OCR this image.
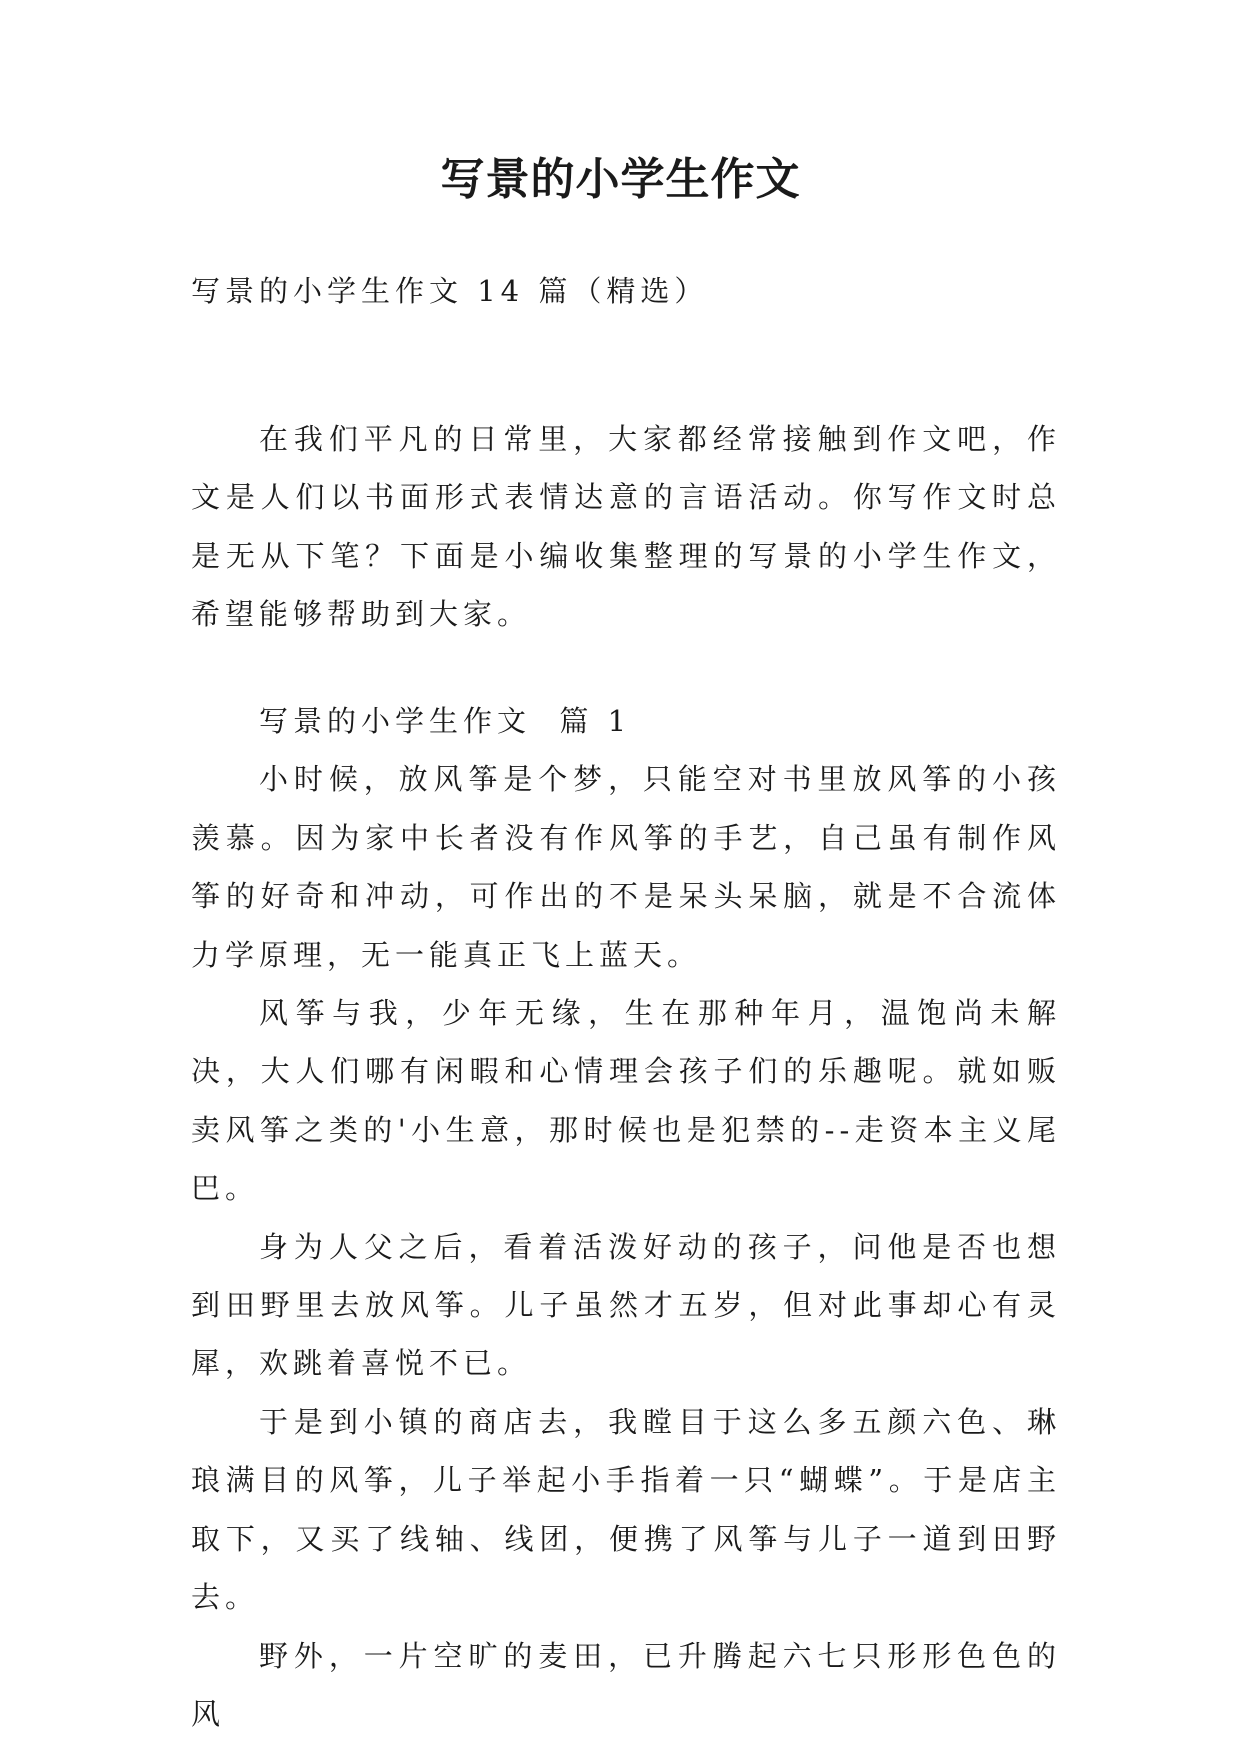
写景的小学生作文

写景的小学生作文 14 篇（精选）

在我们平凡的日常里，大家都经常接触到作文吧，作文是人们以书面形式表情达意的言语活动。你写作文时总是无从下笔？下面是小编收集整理的写景的小学生作文，希望能够帮助到大家。

写景的小学生作文  篇 1

小时候，放风筝是个梦，只能空对书里放风筝的小孩羡慕。因为家中长者没有作风筝的手艺，自己虽有制作风筝的好奇和冲动，可作出的不是呆头呆脑，就是不合流体力学原理，无一能真正飞上蓝天。

风筝与我，少年无缘，生在那种年月，温饱尚未解决，大人们哪有闲暇和心情理会孩子们的乐趣呢。就如贩卖风筝之类的'小生意，那时候也是犯禁的--走资本主义尾巴。

身为人父之后，看着活泼好动的孩子，问他是否也想到田野里去放风筝。儿子虽然才五岁，但对此事却心有灵犀，欢跳着喜悦不已。

于是到小镇的商店去，我瞠目于这么多五颜六色、琳琅满目的风筝，儿子举起小手指着一只“蝴蝶”。于是店主取下，又买了线轴、线团，便携了风筝与儿子一道到田野去。

野外，一片空旷的麦田，已升腾起六七只形形色色的风
